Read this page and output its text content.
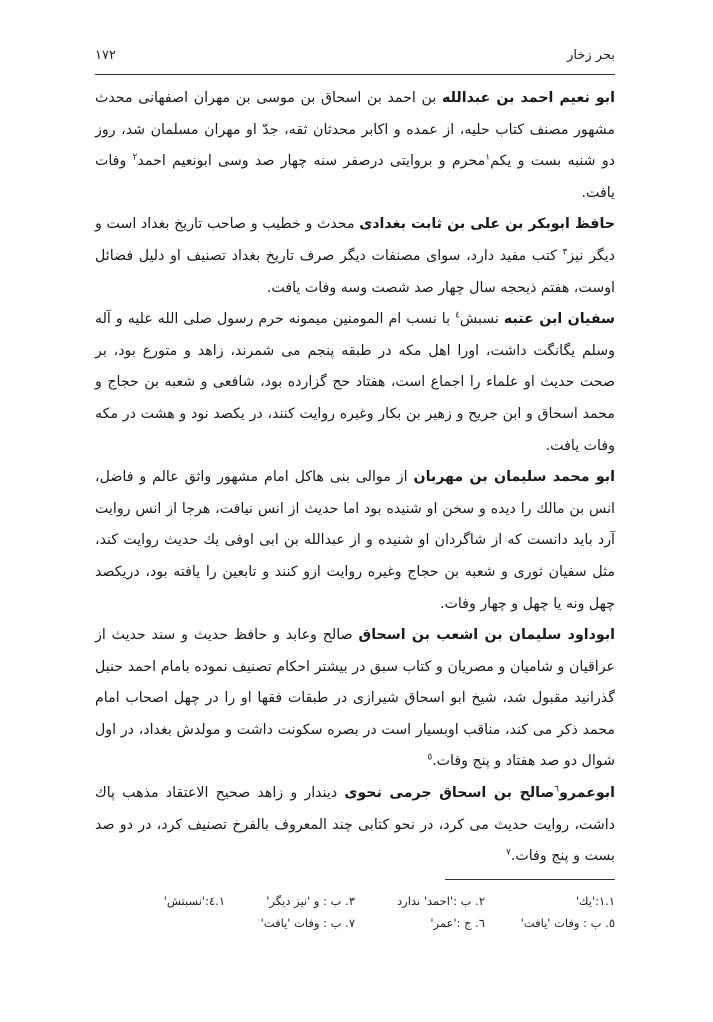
بحر زخار
۱۷۲

ابو نعیم احمد بن عبدالله بن احمد بن اسحاق بن موسی بن مهران اصفهانی محدث مشهور مصنف کتاب حلیه، از عمده و اکابر محدثان ثقه، جدّ او مهران مسلمان شد، روز دو شنبه بست و یکم$^۱$محرم و بروایتی درصفر سنه چهار صد وسی ابونعیم احمد$^۲$ وفات یافت.

حافظ ابوبکر بن علی بن ثابت بغدادی محدث و خطیب و صاحب تاریخ بغداد است و دیگر نیز$^۳$ کتب مفید دارد، سوای مصنفات دیگر صرف تاریخ بغداد تصنیف او دلیل فضائل اوست، هفتم ذیحجه سال چهار صد شصت وسه وفات یافت.

سفیان ابن عتبه نسبش$^٤$ با نسب ام المومنین میمونه حرم رسول صلی الله علیه و آله وسلم یگانگت داشت، اورا اهل مکه در طبقه پنجم می شمرند، زاهد و متورع بود، بر صحت حدیث او علماء را اجماع است، هفتاد حج گزارده بود، شافعی و شعبه بن حجاج و محمد اسحاق و ابن جریح و زهیر بن بکار وغیره روایت کنند، در یکصد نود و هشت در مکه وفات یافت.

ابو محمد سلیمان بن مهربان از موالی بنی هاکل امام مشهور واثق عالم و فاضل، انس بن مالك را دیده و سخن او شنیده بود اما حدیث از انس نیافت، هرجا از انس روایت آرد باید دانست که از شاگردان او شنیده و از عبدالله بن ابی اوفی یك حدیث روایت کند، مثل سفیان ثوری و شعبه بن حجاج وغیره روایت ازو کنند و تابعین را یافته بود، دریکصد چهل ونه یا چهل و چهار وفات.

ابوداود سلیمان بن اشعب بن اسحاق صالح وعابد و حافظ حدیث و سند حدیث از عراقیان و شامیان و مصریان و کتاب سبق در بیشتر احکام تصنیف نموده بامام احمد حنبل گذرانید مقبول شد، شیخ ابو اسحاق شیرازی در طبقات فقها او را در چهل اصحاب امام محمد ذکر می کند، مناقب اوبسیار است در بصره سکونت داشت و مولدش بغداد، در اول شوال دو صد هفتاد و پنج وفات.$^٥$

ابوعمرو$^٦$صالح بن اسحاق جرمی نحوی دیندار و زاهد صحیح الاعتقاد مذهب پاك داشت، روایت حدیث می کرد، در نحو کتابی چند المعروف بالفرخ تصنیف کرد، در دو صد بست و پنج وفات.$^٧$

۱.۱:'یك'
۲. ب :'احمد' ندارد
۳. ب : و 'نیز دیگر'
۱.٤:'نسبتش'
٥. ب : وفات 'یافت'
٦. ج :'عمر'
۷. ب : وفات 'یافت'
